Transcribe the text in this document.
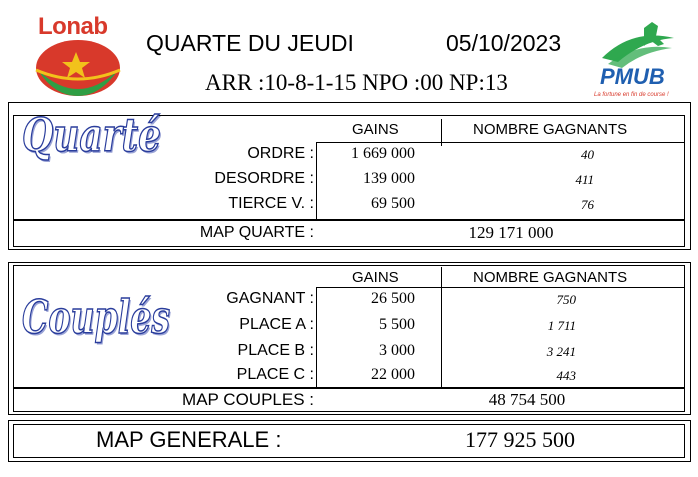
Lonab
QUARTE DU JEUDI	05/10/2023
ARR :10-8-1-15 NPO :00 NP:13	PMUB
La fortune en fin de course !
Quarté	GAINS	NOMBRE GAGNANTS
ORDRE :	1 669 000	40
DESORDRE :	139 000	411
TIERCE V. :	69 500	76
MAP QUARTE :	129 171 000
Couplés
GAINS	NOMBRE GAGNANTS
GAGNANT :	26 500	750
PLACE A :	5 500	1 711
PLACE B :	3 000	3 241
PLACE C :	22 000	443
MAP COUPLES :	48 754 500
MAP GENERALE :	177 925 500
